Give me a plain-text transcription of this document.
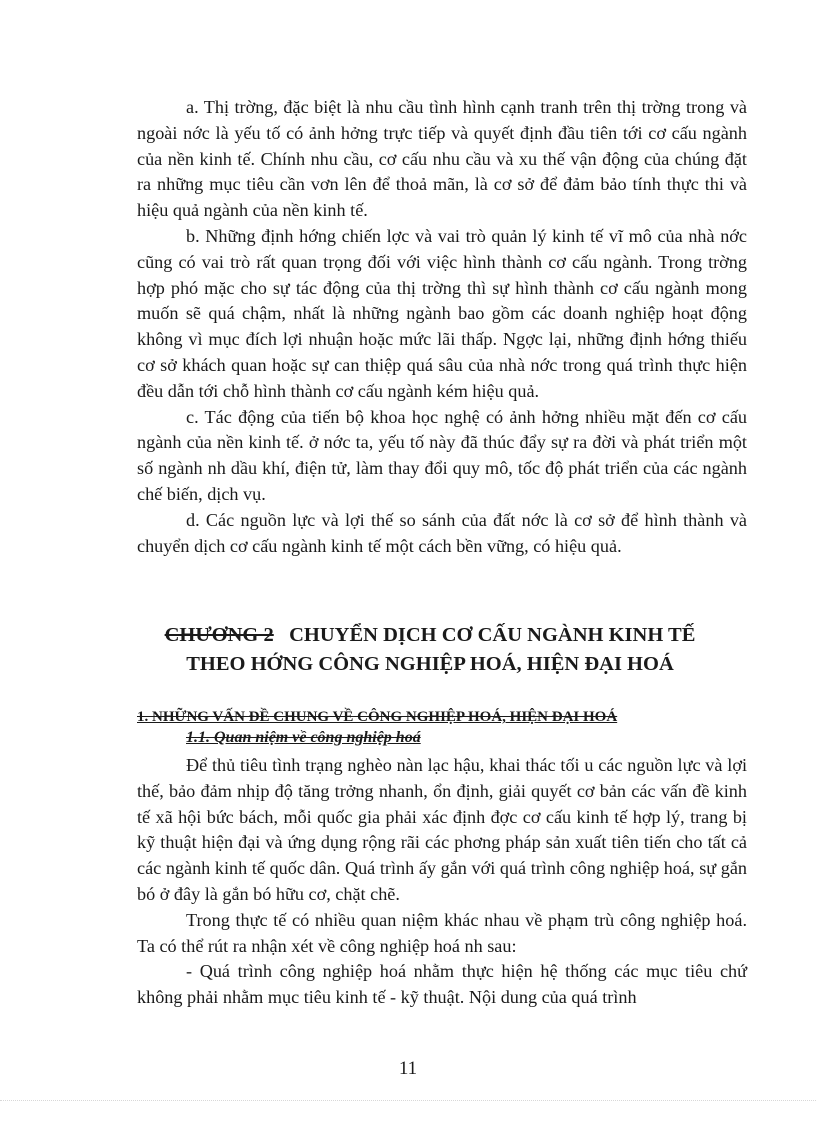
a. Thị trờng, đặc biệt là nhu cầu tình hình cạnh tranh trên thị trờng trong và ngoài nớc là yếu tố có ảnh hởng trực tiếp và quyết định đầu tiên tới cơ cấu ngành của nền kinh tế. Chính nhu cầu, cơ cấu nhu cầu và xu thế vận động của chúng đặt ra những mục tiêu cần vơn lên để thoả mãn, là cơ sở để đảm bảo tính thực thi và hiệu quả ngành của nền kinh tế.

b. Những định hớng chiến lợc và vai trò quản lý kinh tế vĩ mô của nhà nớc cũng có vai trò rất quan trọng đối với việc hình thành cơ cấu ngành. Trong trờng hợp phó mặc cho sự tác động của thị trờng thì sự hình thành cơ cấu ngành mong muốn sẽ quá chậm, nhất là những ngành bao gồm các doanh nghiệp hoạt động không vì mục đích lợi nhuận hoặc mức lãi thấp. Ngợc lại, những định hớng thiếu cơ sở khách quan hoặc sự can thiệp quá sâu của nhà nớc trong quá trình thực hiện đều dẫn tới chỗ hình thành cơ cấu ngành kém hiệu quả.

c. Tác động của tiến bộ khoa học nghệ có ảnh hởng nhiều mặt đến cơ cấu ngành của nền kinh tế. ở nớc ta, yếu tố này đã thúc đẩy sự ra đời và phát triển một số ngành nh dầu khí, điện tử, làm thay đổi quy mô, tốc độ phát triển của các ngành chế biến, dịch vụ.

d. Các nguồn lực và lợi thế so sánh của đất nớc là cơ sở để hình thành và chuyển dịch cơ cấu ngành kinh tế một cách bền vững, có hiệu quả.

CHƯƠNG 2 CHUYỂN DỊCH CƠ CẤU NGÀNH KINH TẾ
THEO HỚNG CÔNG NGHIỆP HOÁ, HIỆN ĐẠI HOÁ
1. NHỮNG VẤN ĐỀ CHUNG VỀ CÔNG NGHIỆP HOÁ, HIỆN ĐẠI HOÁ
1.1. Quan niệm về công nghiệp hoá

Để thủ tiêu tình trạng nghèo nàn lạc hậu, khai thác tối u các nguồn lực và lợi thế, bảo đảm nhịp độ tăng trởng nhanh, ổn định, giải quyết cơ bản các vấn đề kinh tế xã hội bức bách, mỗi quốc gia phải xác định đợc cơ cấu kinh tế hợp lý, trang bị kỹ thuật hiện đại và ứng dụng rộng rãi các phơng pháp sản xuất tiên tiến cho tất cả các ngành kinh tế quốc dân. Quá trình ấy gắn với quá trình công nghiệp hoá, sự gắn bó ở đây là gắn bó hữu cơ, chặt chẽ.

Trong thực tế có nhiều quan niệm khác nhau về phạm trù công nghiệp hoá. Ta có thể rút ra nhận xét về công nghiệp hoá nh sau:

- Quá trình công nghiệp hoá nhằm thực hiện hệ thống các mục tiêu chứ không phải nhằm mục tiêu kinh tế - kỹ thuật. Nội dung của quá trình

11
